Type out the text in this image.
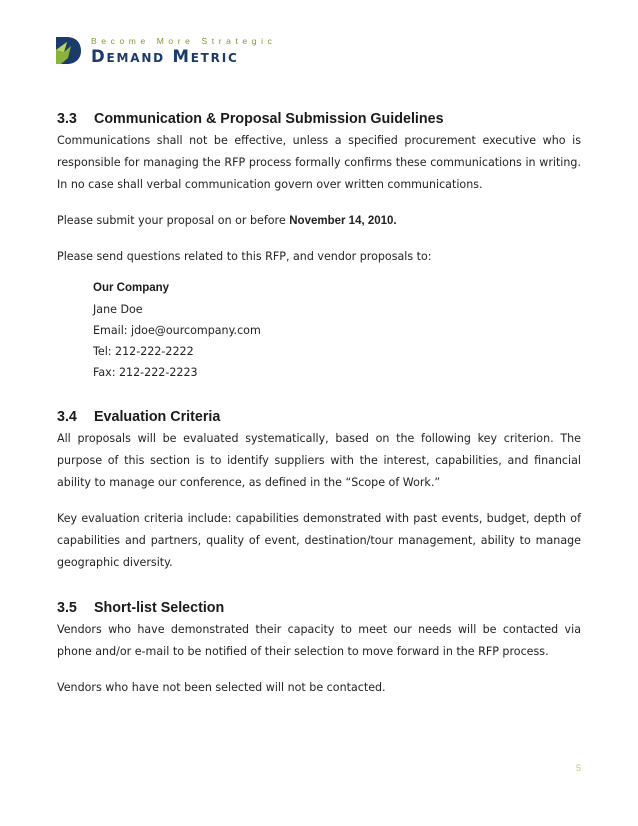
Become More Strategic
Demand Metric
3.3 Communication & Proposal Submission Guidelines

Communications shall not be effective, unless a specified procurement executive who is responsible for managing the RFP process formally confirms these communications in writing. In no case shall verbal communication govern over written communications.

Please submit your proposal on or before November 14, 2010.

Please send questions related to this RFP, and vendor proposals to:

Our Company
Jane Doe
Email: jdoe@ourcompany.com
Tel: 212-222-2222
Fax: 212-222-2223
3.4 Evaluation Criteria

All proposals will be evaluated systematically, based on the following key criterion. The purpose of this section is to identify suppliers with the interest, capabilities, and financial ability to manage our conference, as defined in the “Scope of Work.”

Key evaluation criteria include: capabilities demonstrated with past events, budget, depth of capabilities and partners, quality of event, destination/tour management, ability to manage geographic diversity.

3.5 Short-list Selection

Vendors who have demonstrated their capacity to meet our needs will be contacted via phone and/or e-mail to be notified of their selection to move forward in the RFP process.

Vendors who have not been selected will not be contacted.

5
